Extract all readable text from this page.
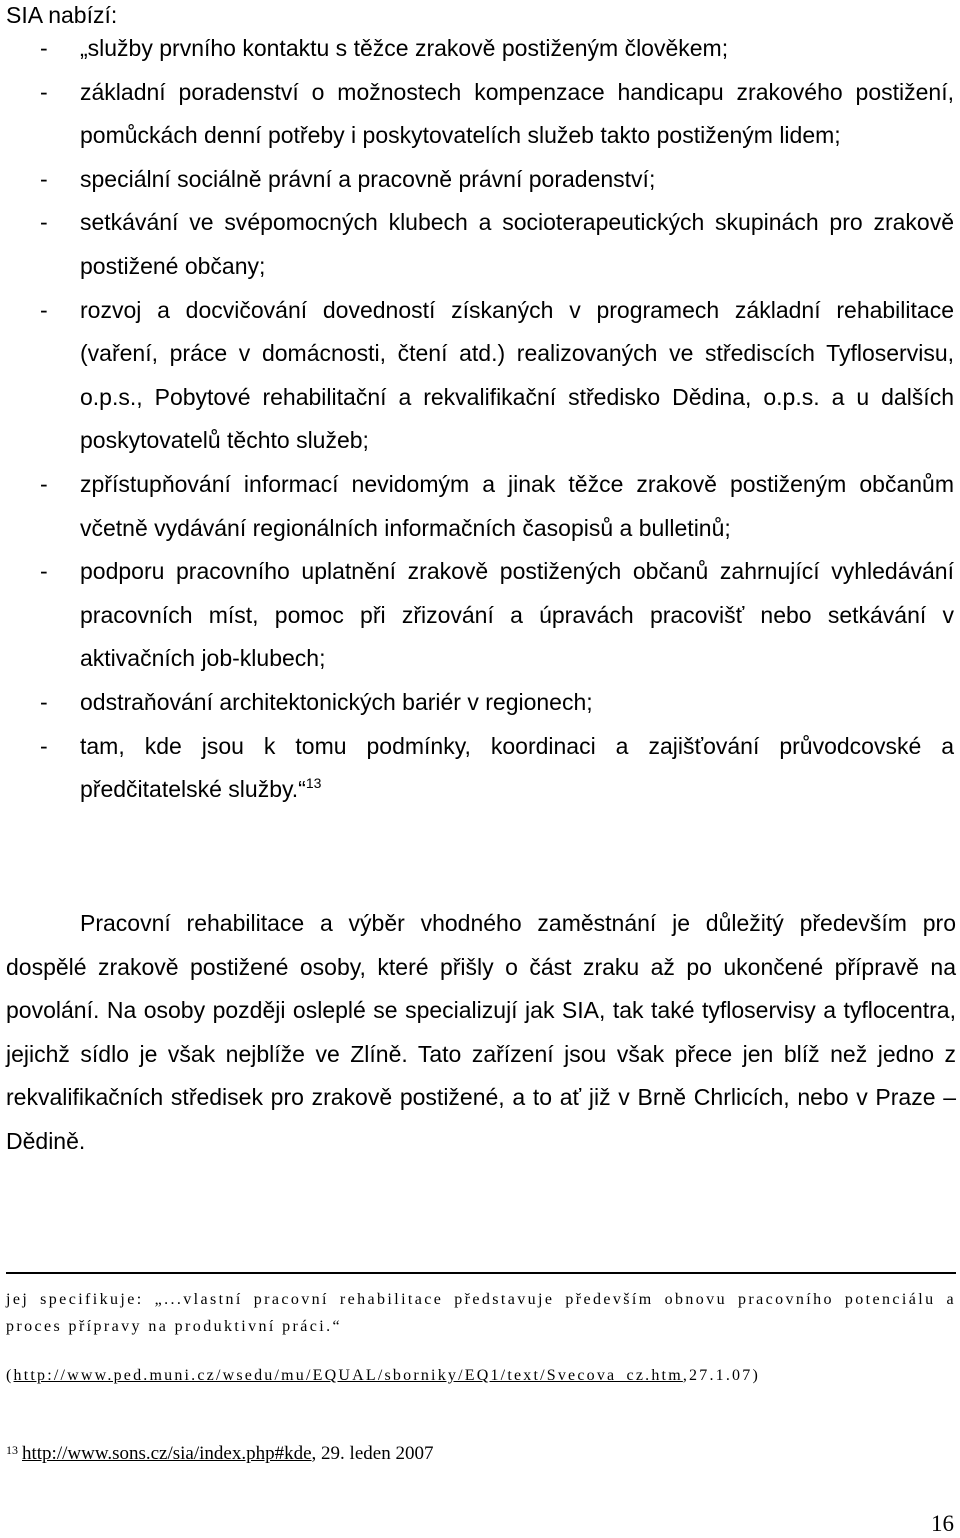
SIA nabízí:
- „služby prvního kontaktu s těžce zrakově postiženým člověkem;
- základní poradenství o možnostech kompenzace handicapu zrakového postižení, pomůckách denní potřeby i poskytovatelích služeb takto postiženým lidem;
- speciální sociálně právní a pracovně právní poradenství;
- setkávání ve svépomocných klubech a socioterapeutických skupinách pro zrakově postižené občany;
- rozvoj a docvičování dovedností získaných v programech základní rehabilitace (vaření, práce v domácnosti, čtení atd.) realizovaných ve střediscích Tyfloservisu, o.p.s., Pobytové rehabilitační a rekvalifikační středisko Dědina, o.p.s. a u dalších poskytovatelů těchto služeb;
- zpřístupňování informací nevidomým a jinak těžce zrakově postiženým občanům včetně vydávání regionálních informačních časopisů a bulletinů;
- podporu pracovního uplatnění zrakově postižených občanů zahrnující vyhledávání pracovních míst, pomoc při zřizování a úpravách pracovišť nebo setkávání v aktivačních job-klubech;
- odstraňování architektonických bariér v regionech;
- tam, kde jsou k tomu podmínky, koordinaci a zajišťování průvodcovské a předčitatelské služby.“$^{13}$

Pracovní rehabilitace a výběr vhodného zaměstnání je důležitý především pro dospělé zrakově postižené osoby, které přišly o část zraku až po ukončené přípravě na povolání. Na osoby později osleplé se specializují jak SIA, tak také tyfloservisy a tyflocentra, jejichž sídlo je však nejblíže ve Zlíně. Tato zařízení jsou však přece jen blíž než jedno z rekvalifikačních středisek pro zrakově postižené, a to ať již v Brně Chrlicích, nebo v Praze – Dědině.

jej specifikuje: „...vlastní pracovní rehabilitace představuje především obnovu pracovního potenciálu a proces přípravy na produktivní práci.“

(http://www.ped.muni.cz/wsedu/mu/EQUAL/sborniky/EQ1/text/Svecova_cz.htm,27.1.07)

$^{13}$ http://www.sons.cz/sia/index.php#kde, 29. leden 2007

16
